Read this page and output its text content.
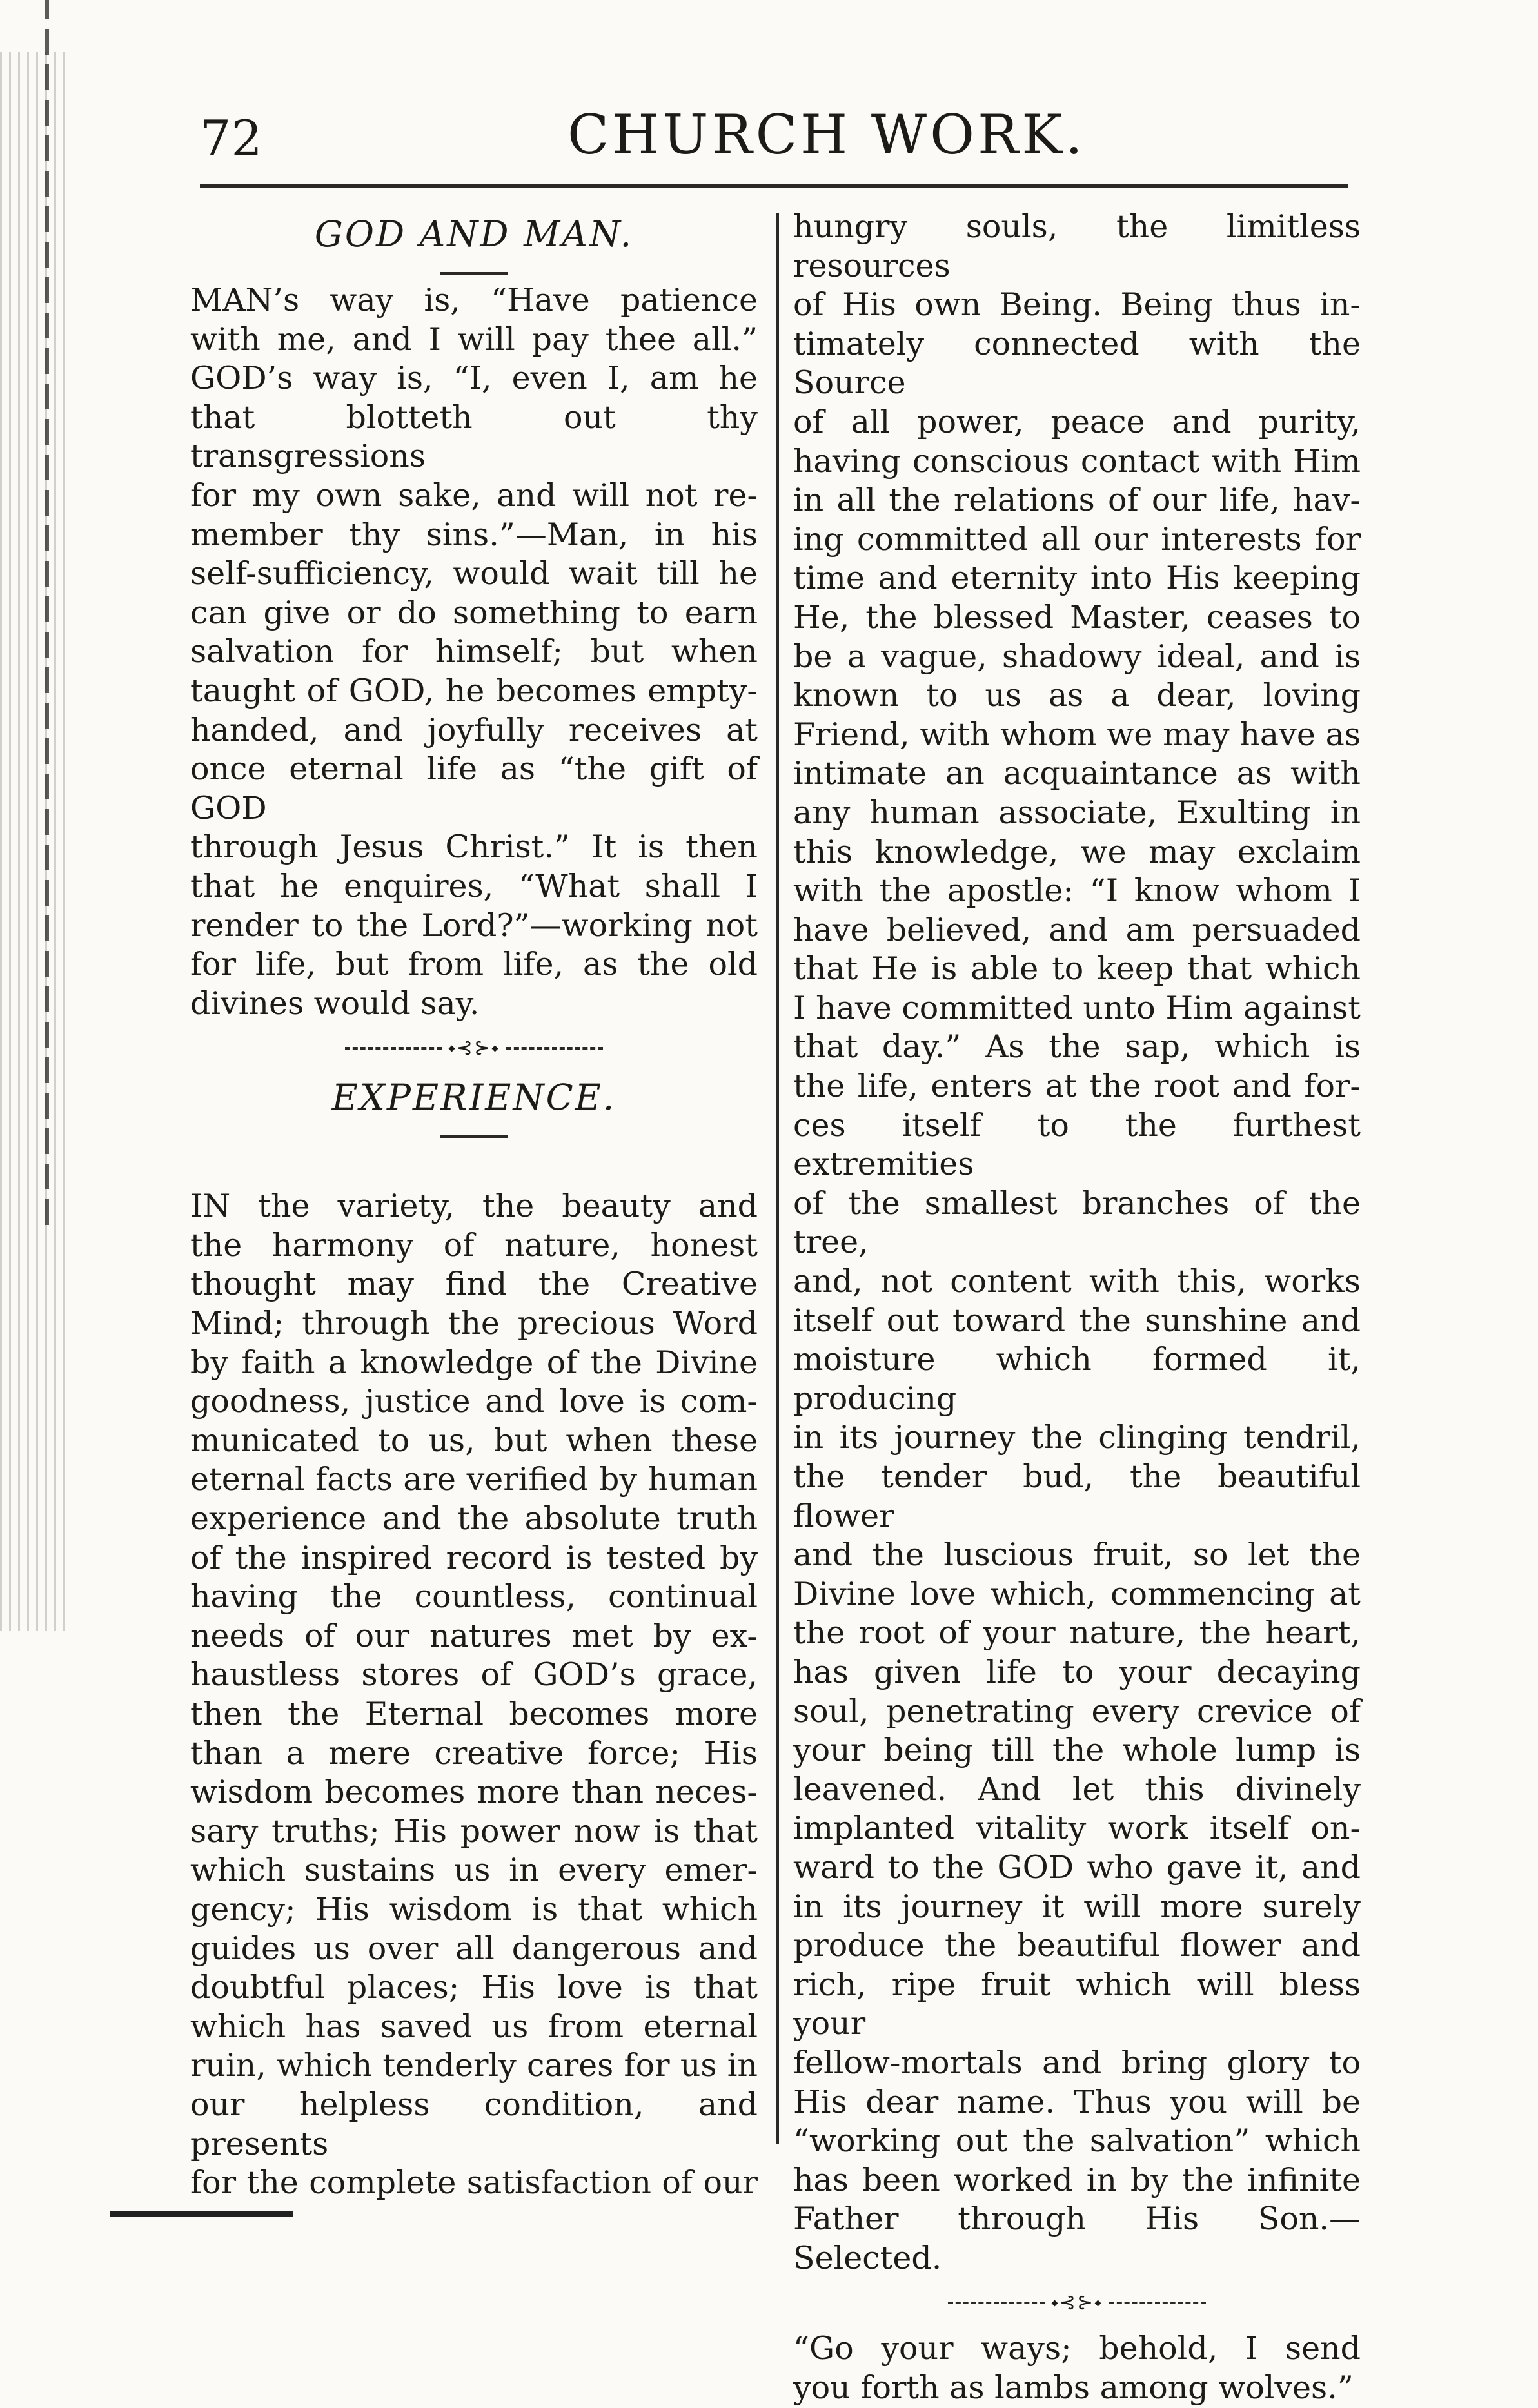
72	CHURCH WORK.
GOD AND MAN.

MAN’s way is, “Have patience

with me, and I will pay thee all.”

GOD’s way is, “I, even I, am he

that blotteth out thy transgressions

for my own sake, and will not re-

member thy sins.”—Man, in his

self-sufficiency, would wait till he

can give or do something to earn

salvation for himself; but when

taught of GOD, he becomes empty-

handed, and joyfully receives at

once eternal life as “the gift of GOD

through Jesus Christ.” It is then

that he enquires, “What shall I

render to the Lord?”—working not

for life, but from life, as the old

divines would say.

⬩⊰⊱⬩
EXPERIENCE.

IN the variety, the beauty and

the harmony of nature, honest

thought may find the Creative

Mind; through the precious Word

by faith a knowledge of the Divine

goodness, justice and love is com-

municated to us, but when these

eternal facts are verified by human

experience and the absolute truth

of the inspired record is tested by

having the countless, continual

needs of our natures met by ex-

haustless stores of GOD’s grace,

then the Eternal becomes more

than a mere creative force; His

wisdom becomes more than neces-

sary truths; His power now is that

which sustains us in every emer-

gency; His wisdom is that which

guides us over all dangerous and

doubtful places; His love is that

which has saved us from eternal

ruin, which tenderly cares for us in

our helpless condition, and presents

for the complete satisfaction of our

hungry souls, the limitless resources

of His own Being. Being thus in-

timately connected with the Source

of all power, peace and purity,

having conscious contact with Him

in all the relations of our life, hav-

ing committed all our interests for

time and eternity into His keeping

He, the blessed Master, ceases to

be a vague, shadowy ideal, and is

known to us as a dear, loving

Friend, with whom we may have as

intimate an acquaintance as with

any human associate, Exulting in

this knowledge, we may exclaim

with the apostle: “I know whom I

have believed, and am persuaded

that He is able to keep that which

I have committed unto Him against

that day.” As the sap, which is

the life, enters at the root and for-

ces itself to the furthest extremities

of the smallest branches of the tree,

and, not content with this, works

itself out toward the sunshine and

moisture which formed it, producing

in its journey the clinging tendril,

the tender bud, the beautiful flower

and the luscious fruit, so let the

Divine love which, commencing at

the root of your nature, the heart,

has given life to your decaying

soul, penetrating every crevice of

your being till the whole lump is

leavened. And let this divinely

implanted vitality work itself on-

ward to the GOD who gave it, and

in its journey it will more surely

produce the beautiful flower and

rich, ripe fruit which will bless your

fellow-mortals and bring glory to

His dear name. Thus you will be

“working out the salvation” which

has been worked in by the infinite

Father through His Son.—Selected.

⬩⊰⊱⬩

“Go your ways; behold, I send

you forth as lambs among wolves.”
